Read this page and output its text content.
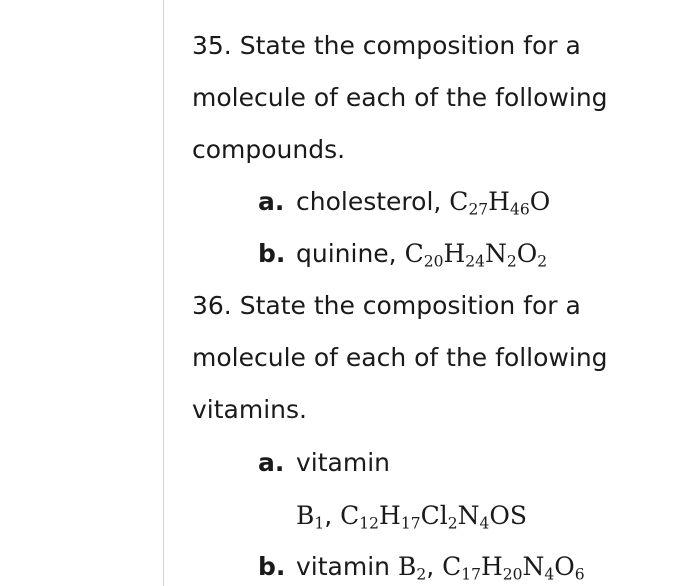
35. State the composition for a
molecule of each of the following
compounds.
a. cholesterol, $C_{27}H_{46}O$
b. quinine, $C_{20}H_{24}N_2O_2$
36. State the composition for a
molecule of each of the following
vitamins.
a. vitamin
$B_1$, $C_{12}H_{17}Cl_2N_4OS$
b. vitamin $B_2$, $C_{17}H_{20}N_4O_6$
